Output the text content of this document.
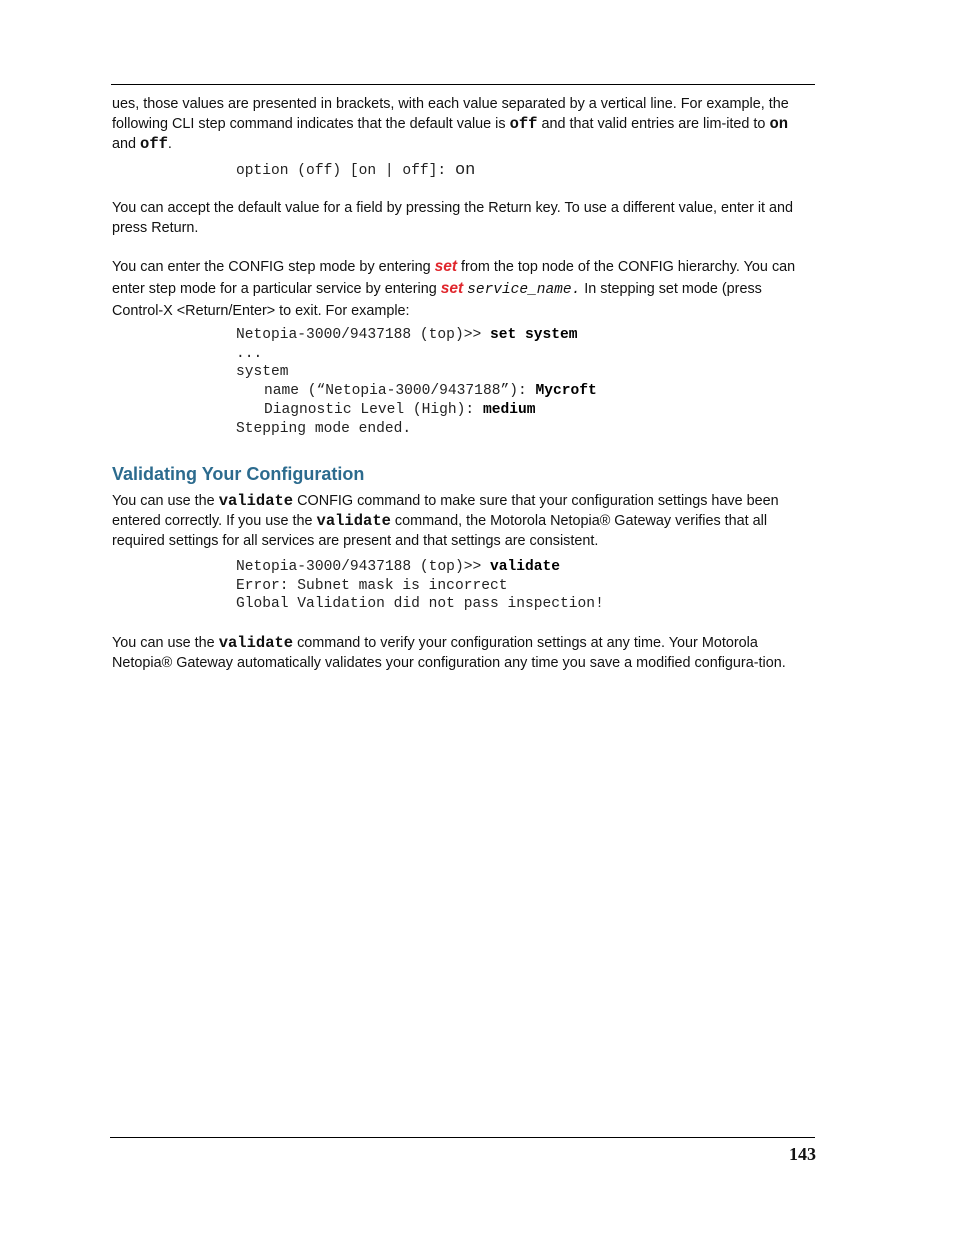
ues, those values are presented in brackets, with each value separated by a vertical line. For example, the following CLI step command indicates that the default value is off and that valid entries are lim-ited to on and off.

option (off) [on | off]: on

You can accept the default value for a field by pressing the Return key. To use a different value, enter it and press Return.

You can enter the CONFIG step mode by entering set from the top node of the CONFIG hierarchy. You can enter step mode for a particular service by entering set service_name. In stepping set mode (press Control-X <Return/Enter> to exit. For example:

Netopia-3000/9437188 (top)>> set system
...
system
name (“Netopia-3000/9437188”): Mycroft
Diagnostic Level (High): medium
Stepping mode ended.
Validating Your Configuration

You can use the validate CONFIG command to make sure that your configuration settings have been entered correctly. If you use the validate command, the Motorola Netopia® Gateway verifies that all required settings for all services are present and that settings are consistent.

Netopia-3000/9437188 (top)>> validate
Error: Subnet mask is incorrect
Global Validation did not pass inspection!

You can use the validate command to verify your configuration settings at any time. Your Motorola Netopia® Gateway automatically validates your configuration any time you save a modified configura-tion.

143
